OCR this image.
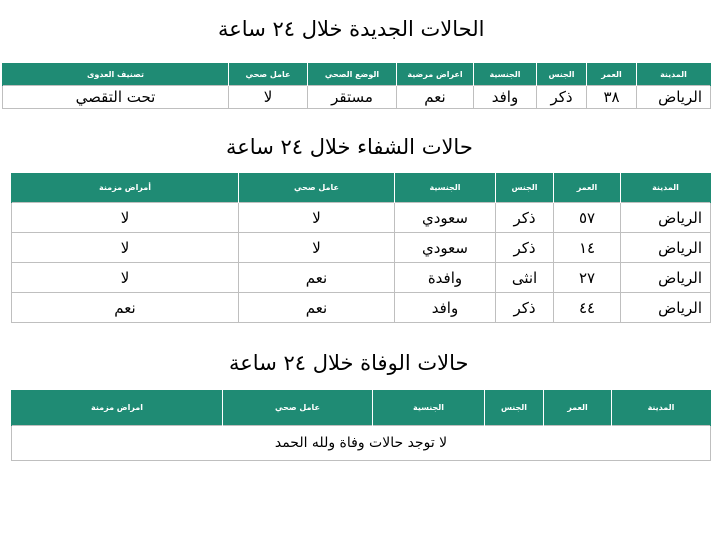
الحالات الجديدة خلال ٢٤ ساعة
المدينة	العمر	الجنس	الجنسية	اعراض مرضية	الوضع الصحي	عامل صحي	تصنيف العدوى
الرياض	٣٨	ذكر	وافد	نعم	مستقر	لا	تحت التقصي
حالات الشفاء خلال ٢٤ ساعة
المدينة	العمر	الجنس	الجنسية	عامل صحي	أمراض مزمنة
الرياض	٥٧	ذكر	سعودي	لا	لا
الرياض	١٤	ذكر	سعودي	لا	لا
الرياض	٢٧	انثى	وافدة	نعم	لا
الرياض	٤٤	ذكر	وافد	نعم	نعم
حالات الوفاة خلال ٢٤ ساعة
المدينة	العمر	الجنس	الجنسية	عامل صحي	امراض مزمنة
لا توجد حالات وفاة ولله الحمد
